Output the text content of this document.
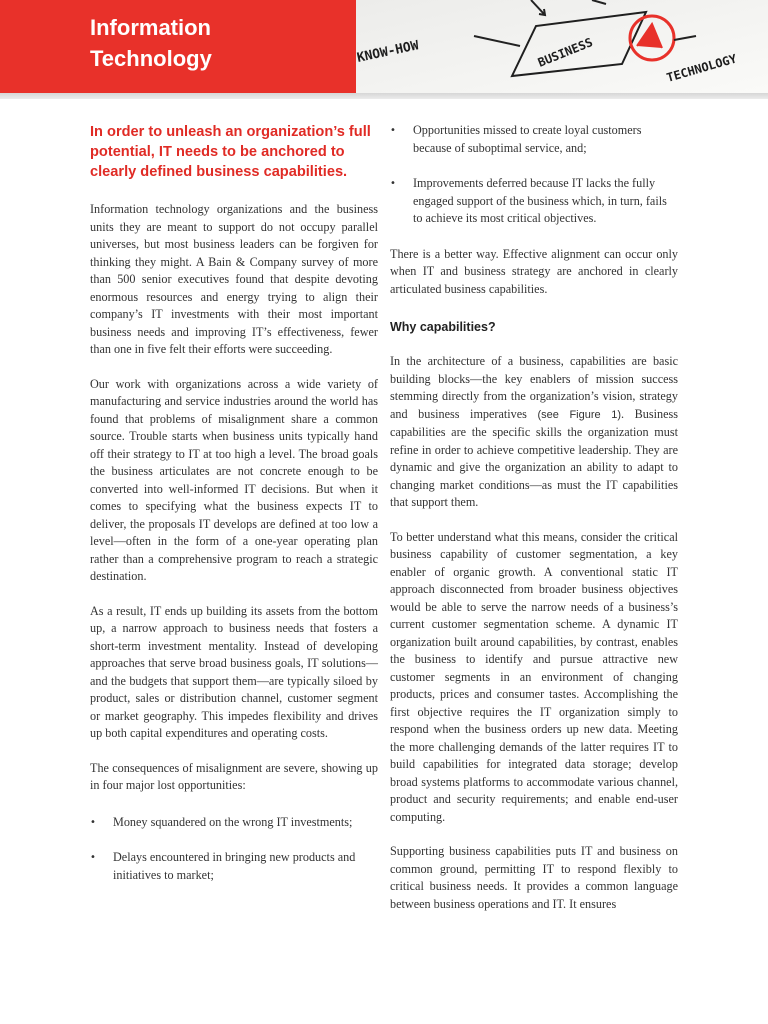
Information
Technology	KNOW-HOW	BUSINESS	TECHNOLOGY

In order to unleash an organization’s full potential, IT needs to be anchored to clearly defined business capabilities.

Information technology organizations and the business units they are meant to support do not occupy parallel universes, but most business leaders can be forgiven for thinking they might. A Bain & Company survey of more than 500 senior executives found that despite devoting enormous resources and energy trying to align their company’s IT investments with their most important business needs and improving IT’s effectiveness, fewer than one in five felt their efforts were succeeding.

Our work with organizations across a wide variety of manufacturing and service industries around the world has found that problems of misalignment share a common source. Trouble starts when business units typically hand off their strategy to IT at too high a level. The broad goals the business articulates are not concrete enough to be converted into well-informed IT decisions. But when it comes to specifying what the business expects IT to deliver, the proposals IT develops are defined at too low a level—often in the form of a one-year operating plan rather than a comprehensive program to reach a strategic destination.

As a result, IT ends up building its assets from the bottom up, a narrow approach to business needs that fosters a short-term investment mentality. Instead of developing approaches that serve broad business goals, IT solutions—and the budgets that support them—are typically siloed by product, sales or distribution channel, customer segment or market geography. This impedes flexibility and drives up both capital expenditures and operating costs.

The consequences of misalignment are severe, showing up in four major lost opportunities:

•	Money squandered on the wrong IT investments;
•	Delays encountered in bringing new products and initiatives to market;
•	Opportunities missed to create loyal customers because of suboptimal service, and;
•	Improvements deferred because IT lacks the fully engaged support of the business which, in turn, fails to achieve its most critical objectives.

There is a better way. Effective alignment can occur only when IT and business strategy are anchored in clearly articulated business capabilities.

Why capabilities?

In the architecture of a business, capabilities are basic building blocks—the key enablers of mission success stemming directly from the organization’s vision, strategy and business imperatives (see Figure 1). Business capabilities are the specific skills the organization must refine in order to achieve competitive leadership. They are dynamic and give the organization an ability to adapt to changing market conditions—as must the IT capabilities that support them.

To better understand what this means, consider the critical business capability of customer segmentation, a key enabler of organic growth. A conventional static IT approach disconnected from broader business objectives would be able to serve the narrow needs of a business’s current customer segmentation scheme. A dynamic IT organization built around capabilities, by contrast, enables the business to identify and pursue attractive new customer segments in an environment of changing products, prices and consumer tastes. Accomplishing the first objective requires the IT organization simply to respond when the business orders up new data. Meeting the more challenging demands of the latter requires IT to build capabilities for integrated data storage; develop broad systems platforms to accommodate various channel, product and security requirements; and enable end-user computing.

Supporting business capabilities puts IT and business on common ground, permitting IT to respond flexibly to critical business needs. It provides a common language between business operations and IT. It ensures
